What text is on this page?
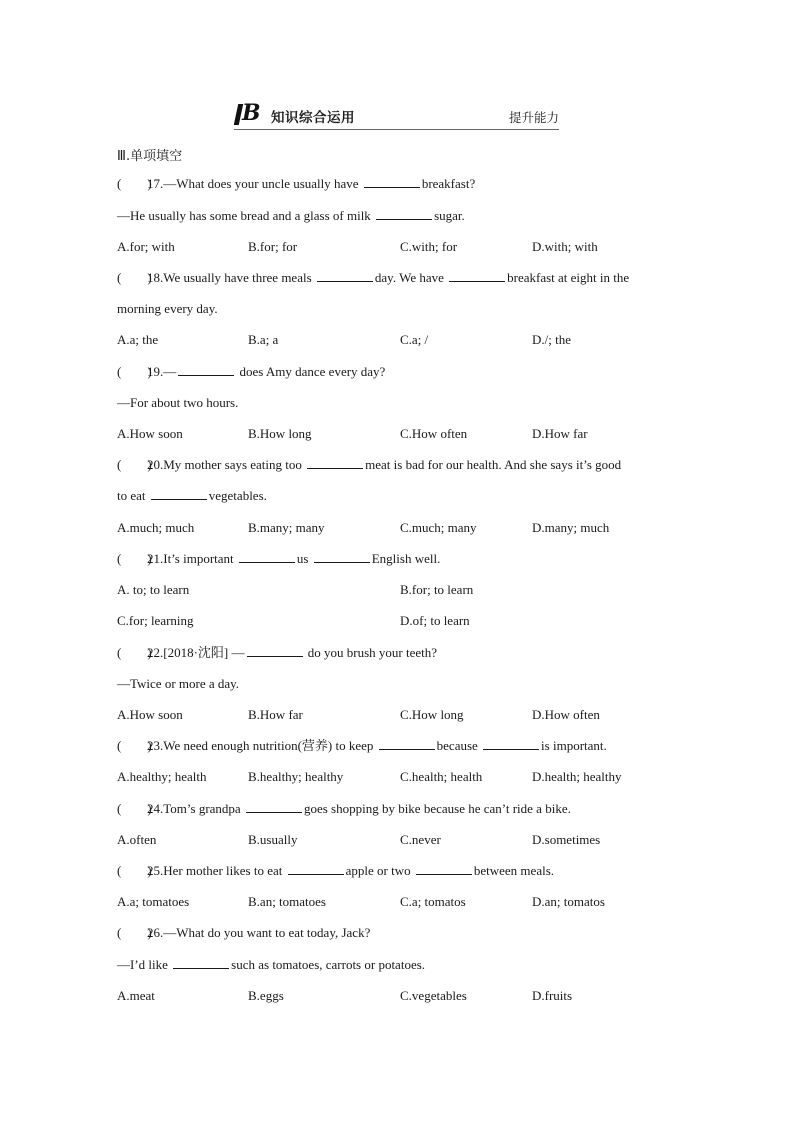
B 知识综合运用	提升能力
Ⅲ.单项填空
(　　)17.—What does your uncle usually have	breakfast?
—He usually has some bread and a glass of milk	sugar.
A.for; with	B.for; for	C.with; for	D.with; with
(　　)18.We usually have three meals	day. We have	breakfast at eight in the
morning every day.
A.a; the	B.a; a	C.a; /	D./; the
(　　)19.—	does Amy dance every day?
—For about two hours.
A.How soon	B.How long	C.How often	D.How far
(　　)20.My mother says eating too	meat is bad for our health. And she says it’s good
to eat	vegetables.
A.much; much	B.many; many	C.much; many	D.many; much
(　　)21.It’s important	us	English well.
A. to; to learn	B.for; to learn
C.for; learning	D.of; to learn
(　　)22.[2018·沈阳] —	do you brush your teeth?
—Twice or more a day.
A.How soon	B.How far	C.How long	D.How often
(　　)23.We need enough nutrition(营养) to keep	because	is important.
A.healthy; health	B.healthy; healthy	C.health; health	D.health; healthy
(　　)24.Tom’s grandpa	goes shopping by bike because he can’t ride a bike.
A.often	B.usually	C.never	D.sometimes
(　　)25.Her mother likes to eat	apple or two	between meals.
A.a; tomatoes	B.an; tomatoes	C.a; tomatos	D.an; tomatos
(　　)26.—What do you want to eat today, Jack?
—I’d like	such as tomatoes, carrots or potatoes.
A.meat	B.eggs	C.vegetables	D.fruits
